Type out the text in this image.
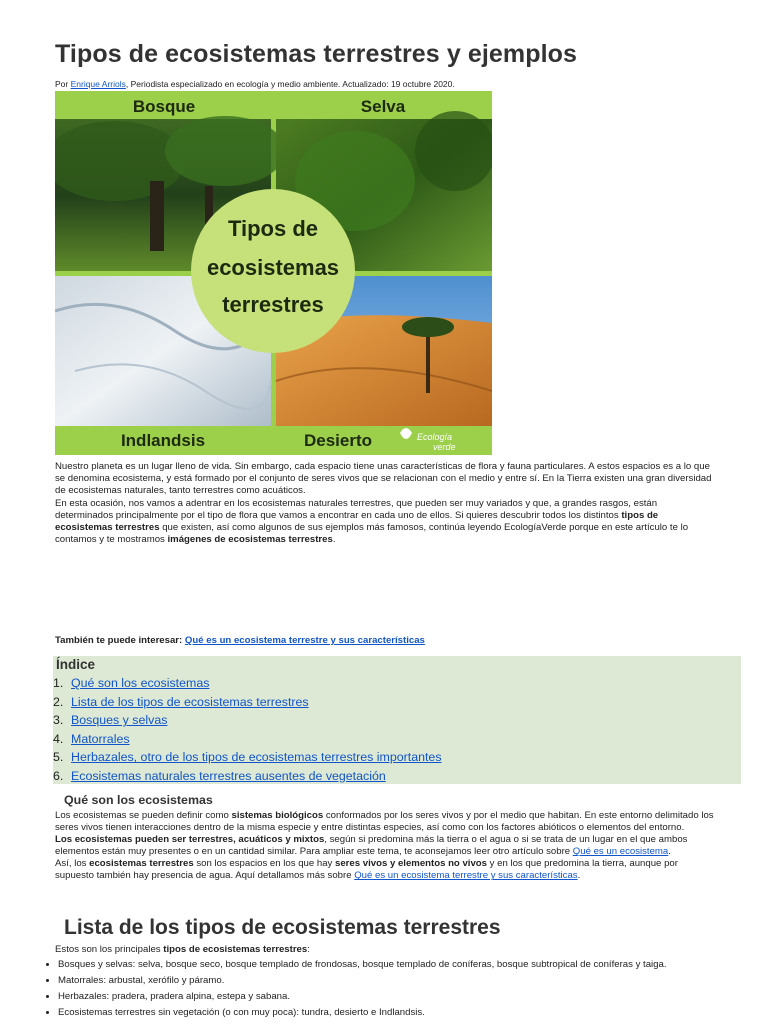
Tipos de ecosistemas terrestres y ejemplos
Por Enrique Arriols, Periodista especializado en ecología y medio ambiente. Actualizado: 19 octubre 2020.
Bosque	Selva
Indlandsis	Desierto
Tipos de
ecosistemas
terrestres
Ecología
verde

Nuestro planeta es un lugar lleno de vida. Sin embargo, cada espacio tiene unas características de flora y fauna particulares. A estos espacios es a lo que se denomina ecosistema, y está formado por el conjunto de seres vivos que se relacionan con el medio y entre sí. En la Tierra existen una gran diversidad de ecosistemas naturales, tanto terrestres como acuáticos.

En esta ocasión, nos vamos a adentrar en los ecosistemas naturales terrestres, que pueden ser muy variados y que, a grandes rasgos, están determinados principalmente por el tipo de flora que vamos a encontrar en cada uno de ellos. Si quieres descubrir todos los distintos tipos de ecosistemas terrestres que existen, así como algunos de sus ejemplos más famosos, continúa leyendo EcologíaVerde porque en este artículo te lo contamos y te mostramos imágenes de ecosistemas terrestres.

También te puede interesar: Qué es un ecosistema terrestre y sus características
Índice
1. Qué son los ecosistemas
2. Lista de los tipos de ecosistemas terrestres
3. Bosques y selvas
4. Matorrales
5. Herbazales, otro de los tipos de ecosistemas terrestres importantes
6. Ecosistemas naturales terrestres ausentes de vegetación
Qué son los ecosistemas

Los ecosistemas se pueden definir como sistemas biológicos conformados por los seres vivos y por el medio que habitan. En este entorno delimitado los seres vivos tienen interacciones dentro de la misma especie y entre distintas especies, así como con los factores abióticos o elementos del entorno.

Los ecosistemas pueden ser terrestres, acuáticos y mixtos, según si predomina más la tierra o el agua o si se trata de un lugar en el que ambos elementos están muy presentes o en un cantidad similar. Para ampliar este tema, te aconsejamos leer otro artículo sobre Qué es un ecosistema.

Así, los ecosistemas terrestres son los espacios en los que hay seres vivos y elementos no vivos y en los que predomina la tierra, aunque por supuesto también hay presencia de agua. Aquí detallamos más sobre Qué es un ecosistema terrestre y sus características.

Lista de los tipos de ecosistemas terrestres
Estos son los principales tipos de ecosistemas terrestres:
• Bosques y selvas: selva, bosque seco, bosque templado de frondosas, bosque templado de coníferas, bosque subtropical de coníferas y taiga.
• Matorrales: arbustal, xerófilo y páramo.
• Herbazales: pradera, pradera alpina, estepa y sabana.
• Ecosistemas terrestres sin vegetación (o con muy poca): tundra, desierto e Indlandsis.
